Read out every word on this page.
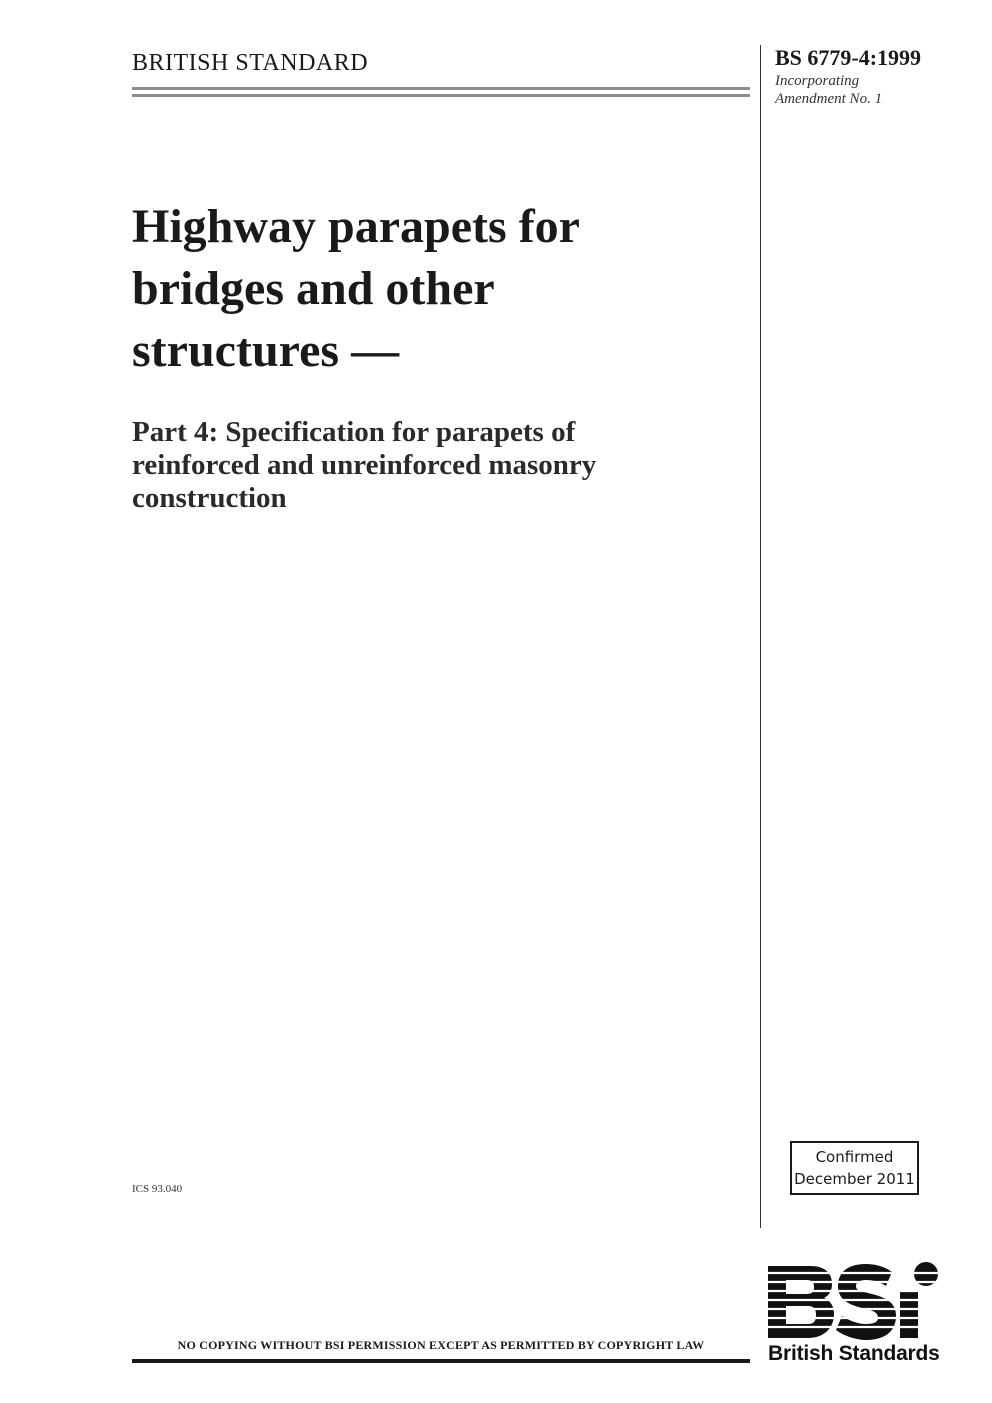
BRITISH STANDARD	BS 6779-4:1999
Incorporating
Amendment No. 1
Highway parapets for
bridges and other
structures —
Part 4: Specification for parapets of
reinforced and unreinforced masonry
construction
ICS 93.040
Confirmed
December 2011
British Standards
NO COPYING WITHOUT BSI PERMISSION EXCEPT AS PERMITTED BY COPYRIGHT LAW
